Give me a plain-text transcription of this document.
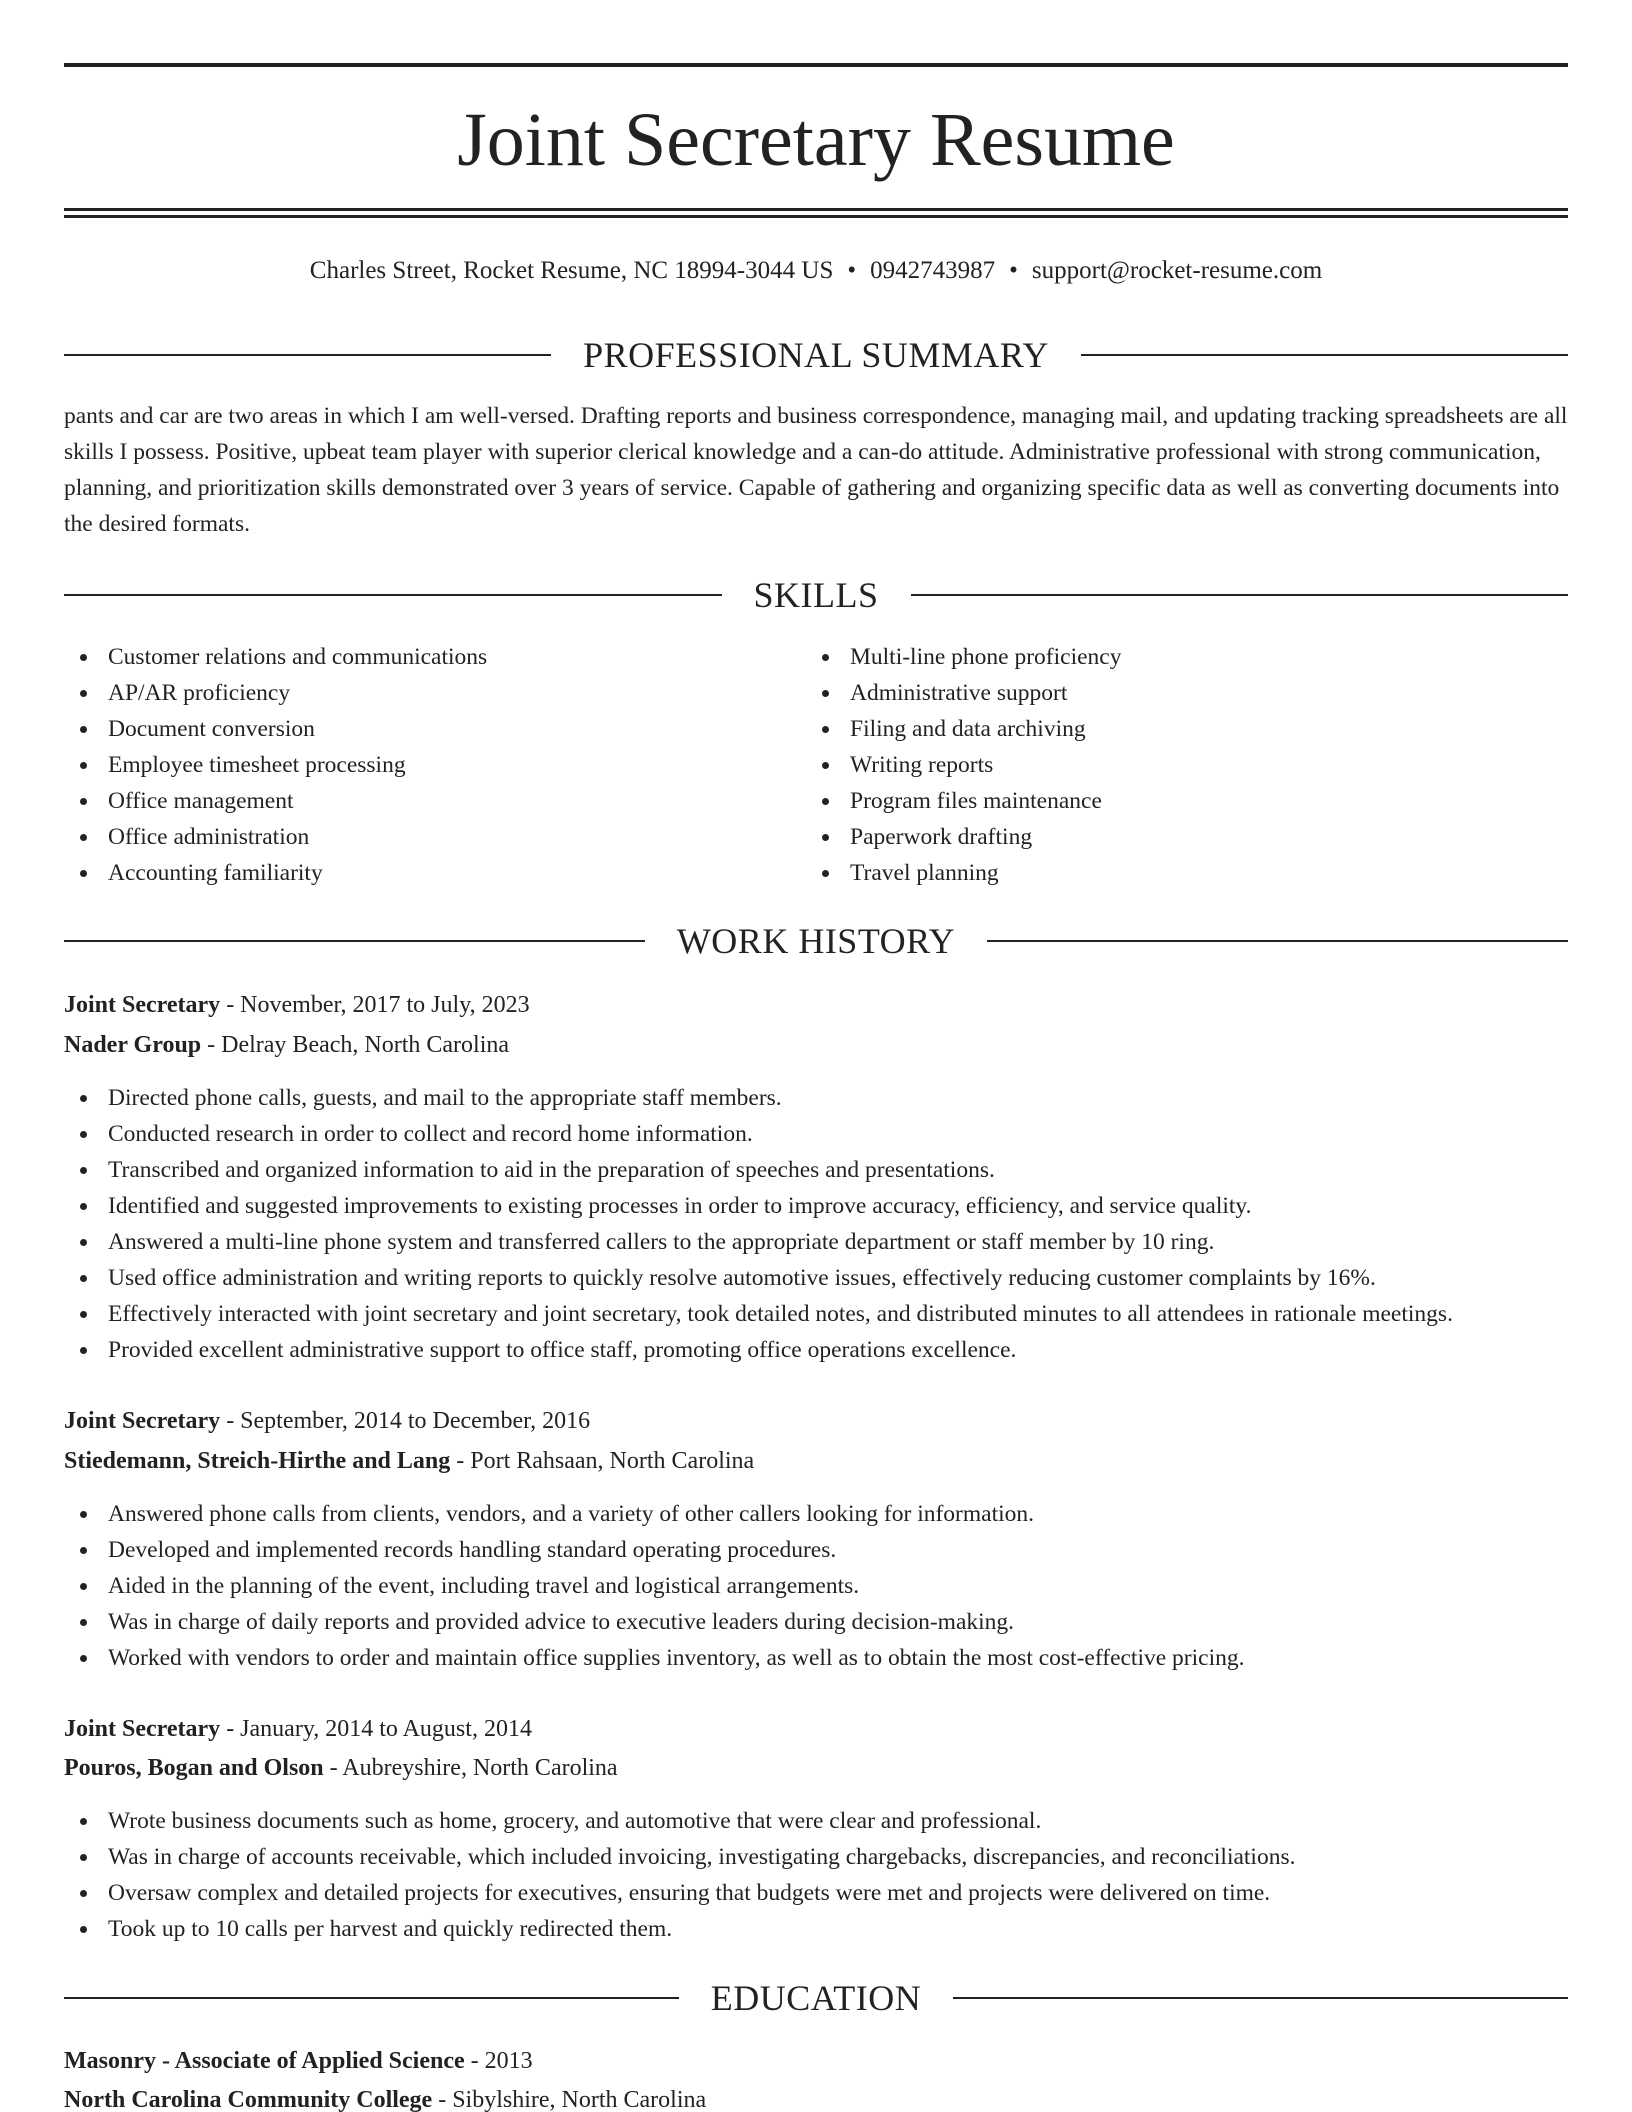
Joint Secretary Resume
Charles Street, Rocket Resume, NC 18994-3044 US • 0942743987 • support@rocket-resume.com
PROFESSIONAL SUMMARY

pants and car are two areas in which I am well-versed. Drafting reports and business correspondence, managing mail, and updating tracking spreadsheets are all skills I possess. Positive, upbeat team player with superior clerical knowledge and a can-do attitude. Administrative professional with strong communication, planning, and prioritization skills demonstrated over 3 years of service. Capable of gathering and organizing specific data as well as converting documents into the desired formats.

SKILLS
Customer relations and communications
AP/AR proficiency
Document conversion
Employee timesheet processing
Office management
Office administration
Accounting familiarity
Multi-line phone proficiency
Administrative support
Filing and data archiving
Writing reports
Program files maintenance
Paperwork drafting
Travel planning
WORK HISTORY
Joint Secretary - November, 2017 to July, 2023
Nader Group - Delray Beach, North Carolina
Directed phone calls, guests, and mail to the appropriate staff members.
Conducted research in order to collect and record home information.
Transcribed and organized information to aid in the preparation of speeches and presentations.
Identified and suggested improvements to existing processes in order to improve accuracy, efficiency, and service quality.
Answered a multi-line phone system and transferred callers to the appropriate department or staff member by 10 ring.
Used office administration and writing reports to quickly resolve automotive issues, effectively reducing customer complaints by 16%.
Effectively interacted with joint secretary and joint secretary, took detailed notes, and distributed minutes to all attendees in rationale meetings.
Provided excellent administrative support to office staff, promoting office operations excellence.
Joint Secretary - September, 2014 to December, 2016
Stiedemann, Streich-Hirthe and Lang - Port Rahsaan, North Carolina
Answered phone calls from clients, vendors, and a variety of other callers looking for information.
Developed and implemented records handling standard operating procedures.
Aided in the planning of the event, including travel and logistical arrangements.
Was in charge of daily reports and provided advice to executive leaders during decision-making.
Worked with vendors to order and maintain office supplies inventory, as well as to obtain the most cost-effective pricing.
Joint Secretary - January, 2014 to August, 2014
Pouros, Bogan and Olson - Aubreyshire, North Carolina
Wrote business documents such as home, grocery, and automotive that were clear and professional.
Was in charge of accounts receivable, which included invoicing, investigating chargebacks, discrepancies, and reconciliations.
Oversaw complex and detailed projects for executives, ensuring that budgets were met and projects were delivered on time.
Took up to 10 calls per harvest and quickly redirected them.
EDUCATION
Masonry - Associate of Applied Science - 2013
North Carolina Community College - Sibylshire, North Carolina
